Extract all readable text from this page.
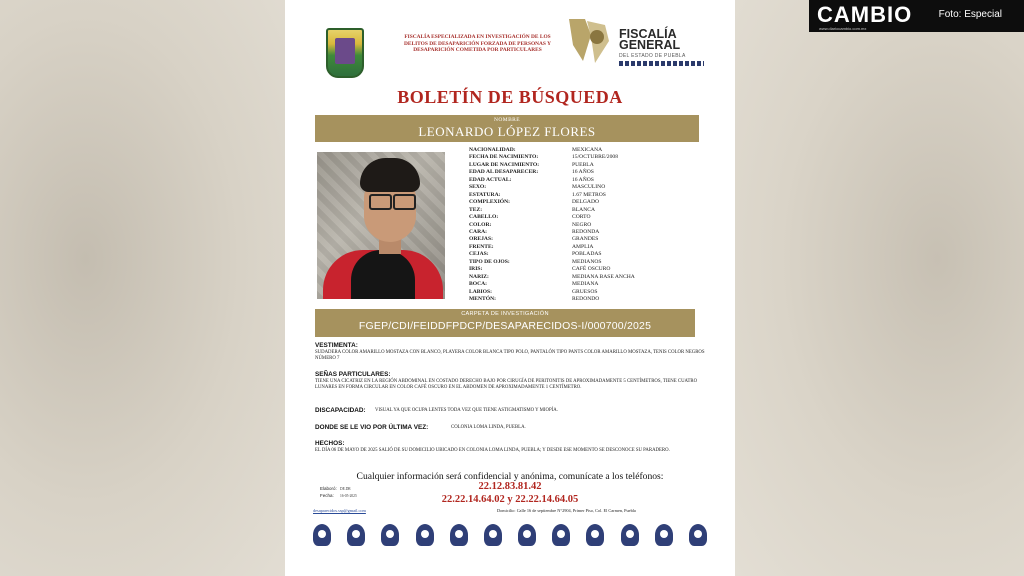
FISCALÍA ESPECIALIZADA EN INVESTIGACIÓN DE LOS DELITOS DE DESAPARICIÓN FORZADA DE PERSONAS Y DESAPARICIÓN COMETIDA POR PARTICULARES
FISCALÍA GENERAL
DEL ESTADO DE PUEBLA
BOLETÍN DE BÚSQUEDA
NOMBRE
LEONARDO LÓPEZ FLORES
NACIONALIDAD:
FECHA DE NACIMIENTO:
LUGAR DE NACIMIENTO:
EDAD AL DESAPARECER:
EDAD ACTUAL:
SEXO:
ESTATURA:
COMPLEXIÓN:
TEZ:
CABELLO:
COLOR:
CARA:
OREJAS:
FRENTE:
CEJAS:
TIPO DE OJOS:
IRIS:
NARIZ:
BOCA:
LABIOS:
MENTÓN:
MEXICANA
15/OCTUBRE/2008
PUEBLA
16 AÑOS
16 AÑOS
MASCULINO
1.67 METROS
DELGADO
BLANCA
CORTO
NEGRO
REDONDA
GRANDES
AMPLIA
POBLADAS
MEDIANOS
CAFÉ OSCURO
MEDIANA BASE ANCHA
MEDIANA
GRUESOS
REDONDO
CARPETA DE INVESTIGACIÓN
FGEP/CDI/FEIDDFPDCP/DESAPARECIDOS-I/000700/2025
VESTIMENTA:
SUDADERA COLOR AMARILLO MOSTAZA CON BLANCO, PLAYERA COLOR BLANCA TIPO POLO, PANTALÓN TIPO PANTS COLOR AMARILLO MOSTAZA, TENIS COLOR NEGROS NÚMERO 7
SEÑAS PARTICULARES:
TIENE UNA CICATRIZ EN LA REGIÓN ABDOMINAL EN COSTADO DERECHO BAJO POR CIRUGÍA DE PERITONITIS DE APROXIMADAMENTE 5 CENTÍMETROS, TIENE CUATRO LUNARES EN FORMA CIRCULAR EN COLOR CAFÉ OSCURO EN EL ABDOMEN DE APROXIMADAMENTE 1 CENTÍMETRO.
DISCAPACIDAD: VISUAL YA QUE OCUPA LENTES TODA VEZ QUE TIENE ASTIGMATISMO Y MIOPÍA.
DONDE SE LE VIO POR ÚLTIMA VEZ:	COLONIA LOMA LINDA, PUEBLA.
HECHOS:
EL DÍA 06 DE MAYO DE 2025 SALIÓ DE SU DOMICILIO UBICADO EN COLONIA LOMA LINDA, PUEBLA; Y DESDE ESE MOMENTO SE DESCONOCE SU PARADERO.
Cualquier información será confidencial y anónima, comunícate a los teléfonos:
22.12.83.81.42
22.22.14.64.02 y 22.22.14.64.05
Elaboró: DE.DR
Fecha: 16-05-2025
desaparecidos.ssp@gmail.com	Domicilio: Calle 16 de septiembre N°2904, Primer Piso, Col. El Carmen, Puebla
CAMBIO
www.diariocambio.com.mx
Foto: Especial
